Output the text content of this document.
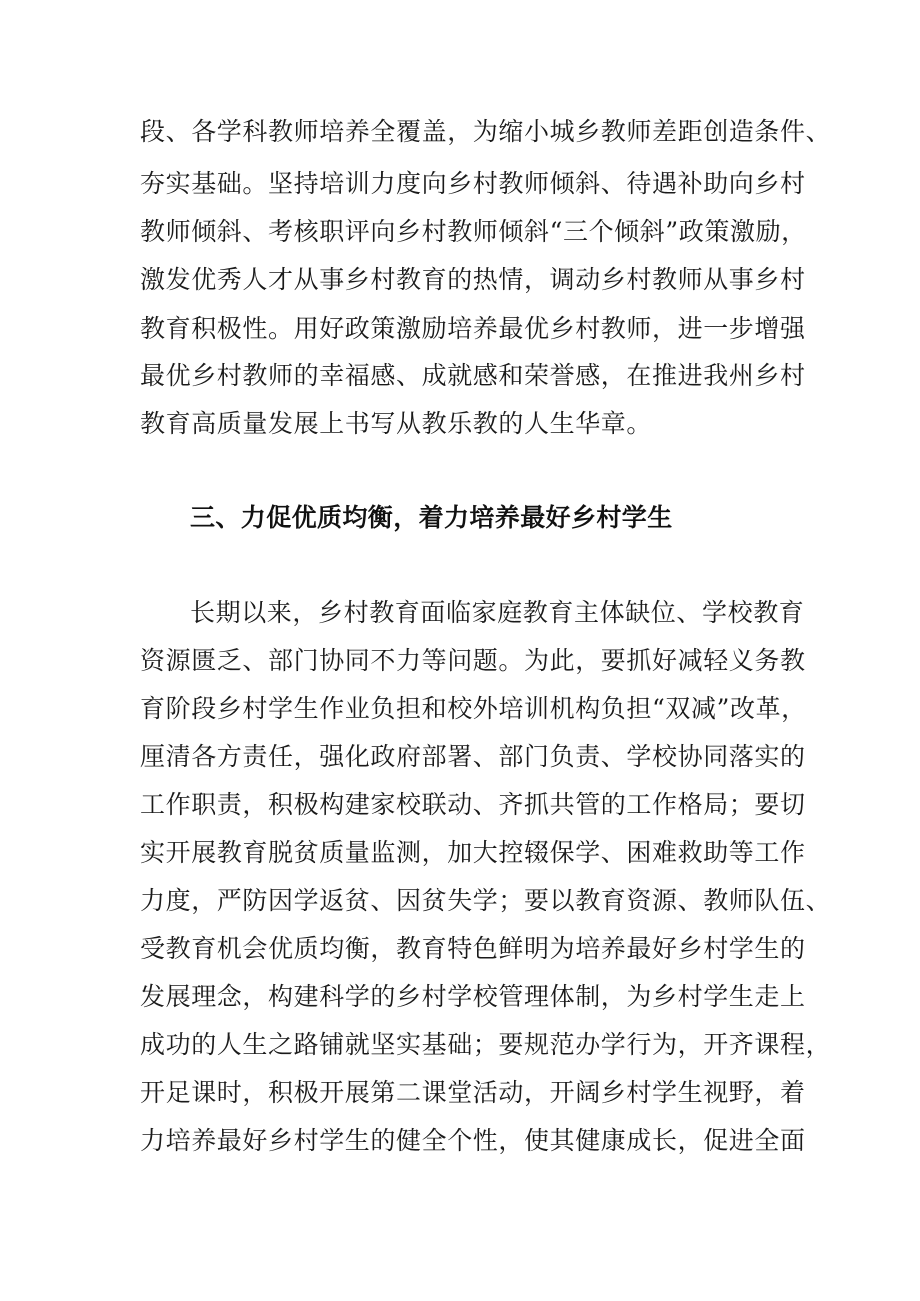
段、各学科教师培养全覆盖，为缩小城乡教师差距创造条件、
夯实基础。坚持培训力度向乡村教师倾斜、待遇补助向乡村
教师倾斜、考核职评向乡村教师倾斜“三个倾斜”政策激励，
激发优秀人才从事乡村教育的热情，调动乡村教师从事乡村
教育积极性。用好政策激励培养最优乡村教师，进一步增强
最优乡村教师的幸福感、成就感和荣誉感，在推进我州乡村
教育高质量发展上书写从教乐教的人生华章。
三、力促优质均衡，着力培养最好乡村学生
长期以来，乡村教育面临家庭教育主体缺位、学校教育
资源匮乏、部门协同不力等问题。为此，要抓好减轻义务教
育阶段乡村学生作业负担和校外培训机构负担“双减”改革，
厘清各方责任，强化政府部署、部门负责、学校协同落实的
工作职责，积极构建家校联动、齐抓共管的工作格局；要切
实开展教育脱贫质量监测，加大控辍保学、困难救助等工作
力度，严防因学返贫、因贫失学；要以教育资源、教师队伍、
受教育机会优质均衡，教育特色鲜明为培养最好乡村学生的
发展理念，构建科学的乡村学校管理体制，为乡村学生走上
成功的人生之路铺就坚实基础；要规范办学行为，开齐课程，
开足课时，积极开展第二课堂活动，开阔乡村学生视野，着
力培养最好乡村学生的健全个性，使其健康成长，促进全面
